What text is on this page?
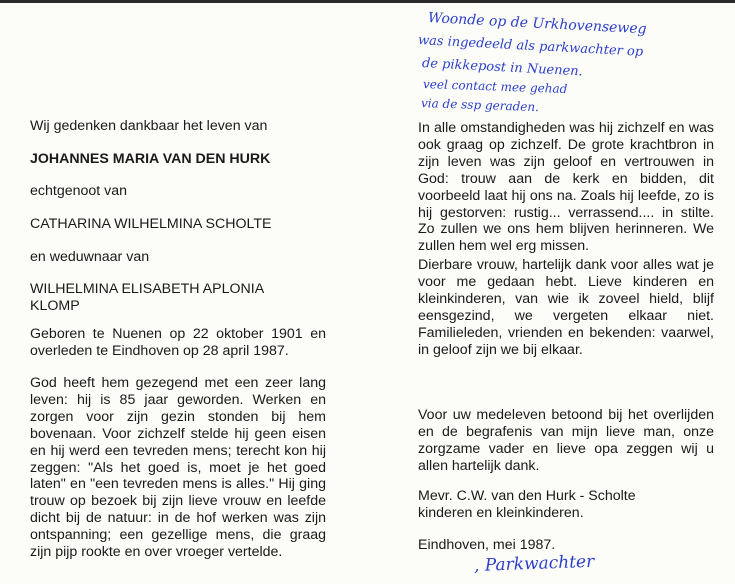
Wij gedenken dankbaar het leven van
JOHANNES MARIA VAN DEN HURK
echtgenoot van
CATHARINA WILHELMINA SCHOLTE
en weduwnaar van
WILHELMINA ELISABETH APLONIA
KLOMP
Geboren te Nuenen op 22 oktober 1901 en overleden te Eindhoven op 28 april 1987.
God heeft hem gezegend met een zeer lang leven: hij is 85 jaar geworden. Werken en zorgen voor zijn gezin stonden bij hem bovenaan. Voor zichzelf stelde hij geen eisen en hij werd een tevreden mens; terecht kon hij zeggen: "Als het goed is, moet je het goed laten" en "een tevreden mens is alles." Hij ging trouw op bezoek bij zijn lieve vrouw en leefde dicht bij de natuur: in de hof werken was zijn ontspanning; een gezellige mens, die graag zijn pijp rookte en over vroeger vertelde.
In alle omstandigheden was hij zichzelf en was ook graag op zichzelf. De grote krachtbron in zijn leven was zijn geloof en vertrouwen in God: trouw aan de kerk en bidden, dit voorbeeld laat hij ons na. Zoals hij leefde, zo is hij gestorven: rustig... verrassend.... in stilte. Zo zullen we ons hem blijven herinneren. We zullen hem wel erg missen.
Dierbare vrouw, hartelijk dank voor alles wat je voor me gedaan hebt. Lieve kinderen en kleinkinderen, van wie ik zoveel hield, blijf eensgezind, we vergeten elkaar niet. Familieleden, vrienden en bekenden: vaarwel, in geloof zijn we bij elkaar.
Voor uw medeleven betoond bij het overlijden en de begrafenis van mijn lieve man, onze zorgzame vader en lieve opa zeggen wij u allen hartelijk dank.
Mevr. C.W. van den Hurk - Scholte
kinderen en kleinkinderen.
Eindhoven, mei 1987.
Woonde op de Urkhovenseweg
was ingedeeld als parkwachter op
de pikkepost in Nuenen.
veel contact mee gehad
via de ssp geraden.
, Parkwachter
